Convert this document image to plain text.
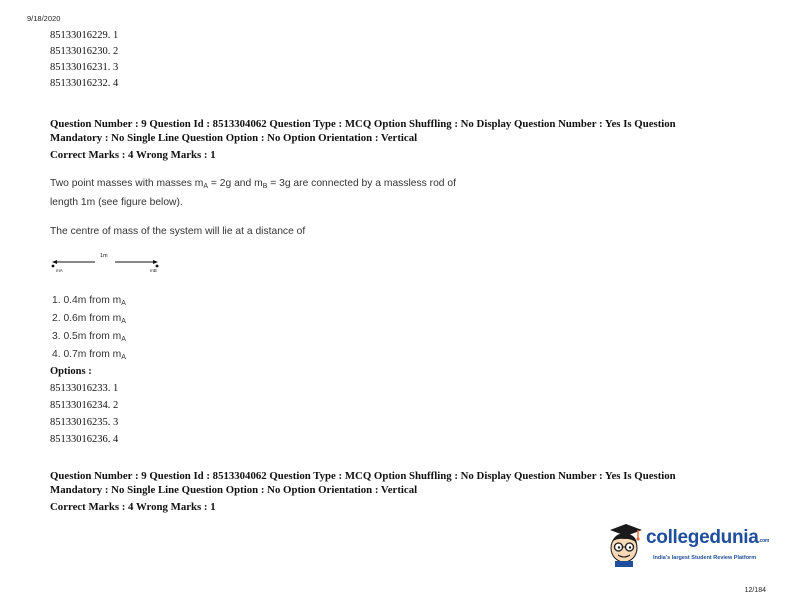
9/18/2020
85133016229. 1
85133016230. 2
85133016231. 3
85133016232. 4
Question Number : 9 Question Id : 8513304062 Question Type : MCQ Option Shuffling : No Display Question Number : Yes Is Question
Mandatory : No Single Line Question Option : No Option Orientation : Vertical
Correct Marks : 4 Wrong Marks : 1
Two point masses with masses $m_A = 2g$ and $m_B = 3g$ are connected by a massless rod of
length 1m (see figure below).
The centre of mass of the system will lie at a distance of
1m
mA	mB
1. 0.4m from $m_A$
2. 0.6m from $m_A$
3. 0.5m from $m_A$
4. 0.7m from $m_A$
Options :
85133016233. 1
85133016234. 2
85133016235. 3
85133016236. 4
Question Number : 9 Question Id : 8513304062 Question Type : MCQ Option Shuffling : No Display Question Number : Yes Is Question
Mandatory : No Single Line Question Option : No Option Orientation : Vertical
Correct Marks : 4 Wrong Marks : 1
collegedunia.com
India's largest Student Review Platform
12/184
